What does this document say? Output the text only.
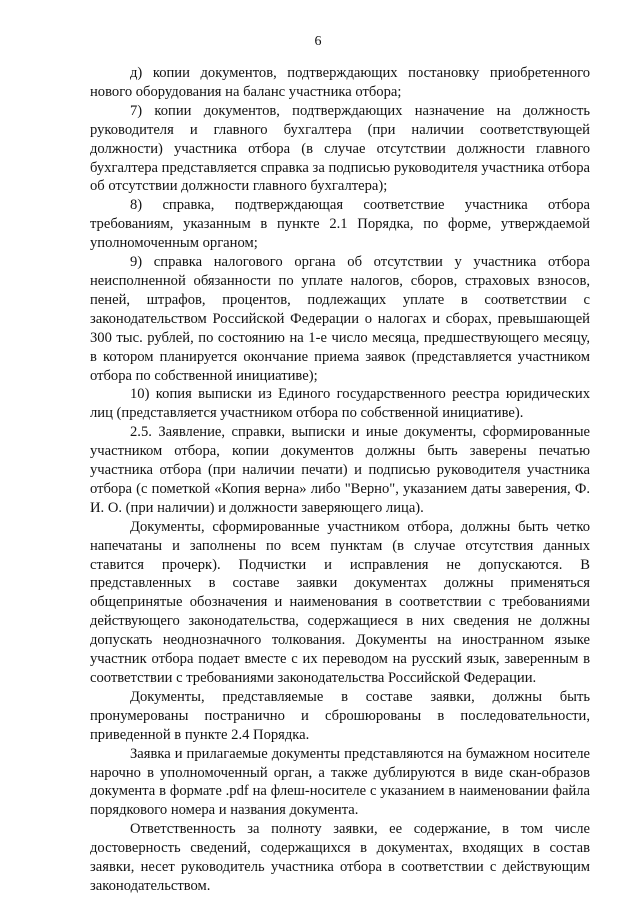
6

д) копии документов, подтверждающих постановку приобретенного нового оборудования на баланс участника отбора;

7) копии документов, подтверждающих назначение на должность руководителя и главного бухгалтера (при наличии соответствующей должности) участника отбора (в случае отсутствии должности главного бухгалтера представляется справка за подписью руководителя участника отбора об отсутствии должности главного бухгалтера);

8) справка, подтверждающая соответствие участника отбора требованиям, указанным в пункте 2.1 Порядка, по форме, утверждаемой уполномоченным органом;

9) справка налогового органа об отсутствии у участника отбора неисполненной обязанности по уплате налогов, сборов, страховых взносов, пеней, штрафов, процентов, подлежащих уплате в соответствии с законодательством Российской Федерации о налогах и сборах, превышающей 300 тыс. рублей, по состоянию на 1-е число месяца, предшествующего месяцу, в котором планируется окончание приема заявок (представляется участником отбора по собственной инициативе);

10) копия выписки из Единого государственного реестра юридических лиц (представляется участником отбора по собственной инициативе).

2.5. Заявление, справки, выписки и иные документы, сформированные участником отбора, копии документов должны быть заверены печатью участника отбора (при наличии печати) и подписью руководителя участника отбора (с пометкой «Копия верна» либо "Верно", указанием даты заверения, Ф. И. О. (при наличии) и должности заверяющего лица).

Документы, сформированные участником отбора, должны быть четко напечатаны и заполнены по всем пунктам (в случае отсутствия данных ставится прочерк). Подчистки и исправления не допускаются. В представленных в составе заявки документах должны применяться общепринятые обозначения и наименования в соответствии с требованиями действующего законодательства, содержащиеся в них сведения не должны допускать неоднозначного толкования. Документы на иностранном языке участник отбора подает вместе с их переводом на русский язык, заверенным в соответствии с требованиями законодательства Российской Федерации.

Документы, представляемые в составе заявки, должны быть пронумерованы постранично и сброшюрованы в последовательности, приведенной в пункте 2.4 Порядка.

Заявка и прилагаемые документы представляются на бумажном носителе нарочно в уполномоченный орган, а также дублируются в виде скан-образов документа в формате .pdf на флеш-носителе с указанием в наименовании файла порядкового номера и названия документа.

Ответственность за полноту заявки, ее содержание, в том числе достоверность сведений, содержащихся в документах, входящих в состав заявки, несет руководитель участника отбора в соответствии с действующим законодательством.
